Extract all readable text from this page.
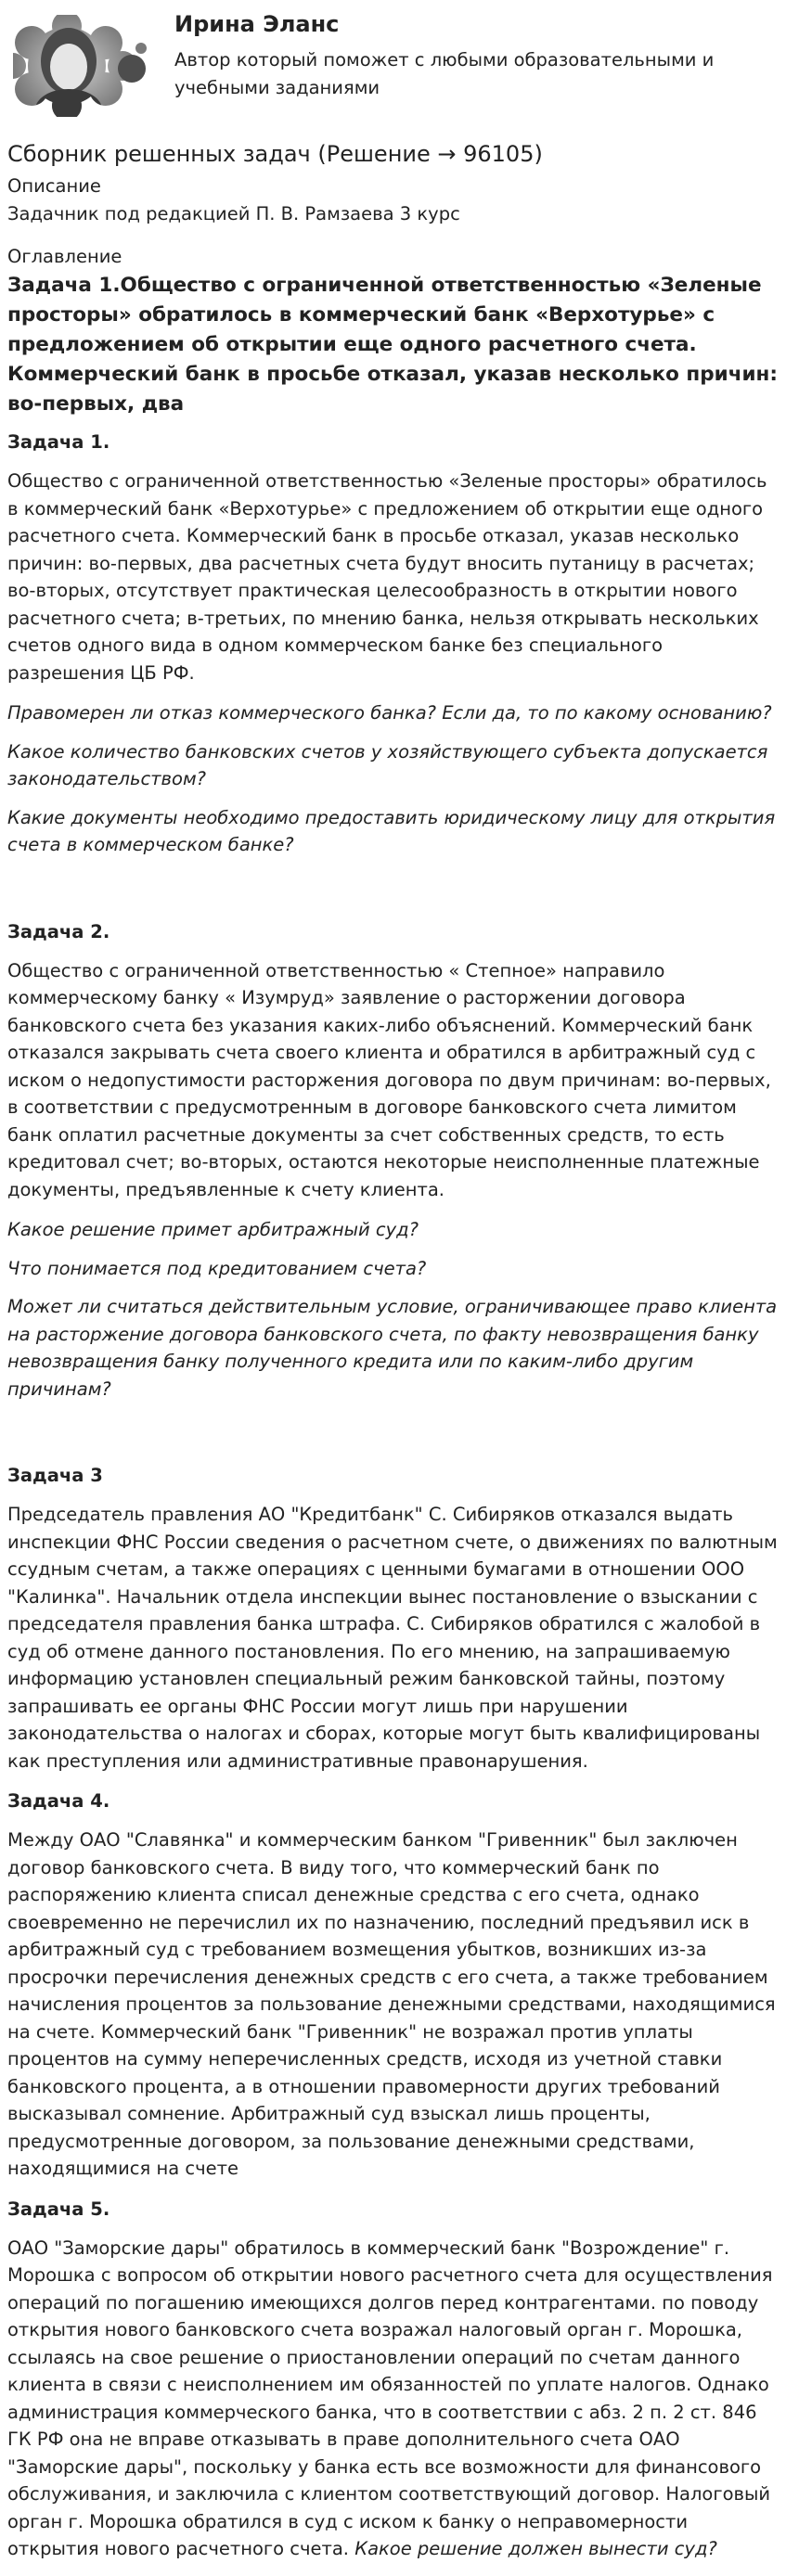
Ирина Эланс
Автор который поможет с любыми образовательными и учебными заданиями
Сборник решенных задач (Решение → 96105)
Описание
Задачник под редакцией П. В. Рамзаева 3 курс
Оглавление
Задача 1.Общество с ограниченной ответственностью «Зеленые просторы» обратилось в коммерческий банк «Верхотурье» с предложением об открытии еще одного расчетного счета. Коммерческий банк в просьбе отказал, указав несколько причин: во-первых, два
Задача 1.
Общество с ограниченной ответственностью «Зеленые просторы» обратилось в коммерческий банк «Верхотурье» с предложением об открытии еще одного расчетного счета. Коммерческий банк в просьбе отказал, указав несколько причин: во-первых, два расчетных счета будут вносить путаницу в расчетах; во-вторых, отсутствует практическая целесообразность в открытии нового расчетного счета; в-третьих, по мнению банка, нельзя открывать нескольких счетов одного вида в одном коммерческом банке без специального разрешения ЦБ РФ.
Правомерен ли отказ коммерческого банка? Если да, то по какому основанию?
Какое количество банковских счетов у хозяйствующего субъекта допускается законодательством?
Какие документы необходимо предоставить юридическому лицу для открытия счета в коммерческом банке?
Задача 2.
Общество с ограниченной ответственностью « Степное» направило коммерческому банку « Изумруд» заявление о расторжении договора банковского счета без указания каких-либо объяснений. Коммерческий банк отказался закрывать счета своего клиента и обратился в арбитражный суд с иском о недопустимости расторжения договора по двум причинам: во-первых, в соответствии с предусмотренным в договоре банковского счета лимитом банк оплатил расчетные документы за счет собственных средств, то есть кредитовал счет; во-вторых, остаются некоторые неисполненные платежные документы, предъявленные к счету клиента.
Какое решение примет арбитражный суд?
Что понимается под кредитованием счета?
Может ли считаться действительным условие, ограничивающее право клиента на расторжение договора банковского счета, по факту невозвращения банку невозвращения банку полученного кредита или по каким-либо другим причинам?
Задача 3
Председатель правления АО "Кредитбанк" С. Сибиряков отказался выдать инспекции ФНС России сведения о расчетном счете, о движениях по валютным ссудным счетам, а также операциях с ценными бумагами в отношении ООО "Калинка". Начальник отдела инспекции вынес постановление о взыскании с председателя правления банка штрафа. С. Сибиряков обратился с жалобой в суд об отмене данного постановления. По его мнению, на запрашиваемую информацию установлен специальный режим банковской тайны, поэтому запрашивать ее органы ФНС России могут лишь при нарушении законодательства о налогах и сборах, которые могут быть квалифицированы как преступления или административные правонарушения.
Задача 4.
Между ОАО "Славянка" и коммерческим банком "Гривенник" был заключен договор банковского счета. В виду того, что коммерческий банк по распоряжению клиента списал денежные средства с его счета, однако своевременно не перечислил их по назначению, последний предъявил иск в арбитражный суд с требованием возмещения убытков, возникших из-за просрочки перечисления денежных средств с его счета, а также требованием начисления процентов за пользование денежными средствами, находящимися на счете. Коммерческий банк "Гривенник" не возражал против уплаты процентов на сумму неперечисленных средств, исходя из учетной ставки банковского процента, а в отношении правомерности других требований высказывал сомнение. Арбитражный суд взыскал лишь проценты, предусмотренные договором, за пользование денежными средствами, находящимися на счете
Задача 5.
ОАО "Заморские дары" обратилось в коммерческий банк "Возрождение" г. Морошка с вопросом об открытии нового расчетного счета для осуществления операций по погашению имеющихся долгов перед контрагентами. по поводу открытия нового банковского счета возражал налоговый орган г. Морошка, ссылаясь на свое решение о приостановлении операций по счетам данного клиента в связи с неисполнением им обязанностей по уплате налогов. Однако администрация коммерческого банка, что в соответствии с абз. 2 п. 2 ст. 846 ГК РФ она не вправе отказывать в праве дополнительного счета ОАО "Заморские дары", поскольку у банка есть все возможности для финансового обслуживания, и заключила с клиентом соответствующий договор. Налоговый орган г. Морошка обратился в суд с иском к банку о неправомерности открытия нового расчетного счета. Какое решение должен вынести суд?
